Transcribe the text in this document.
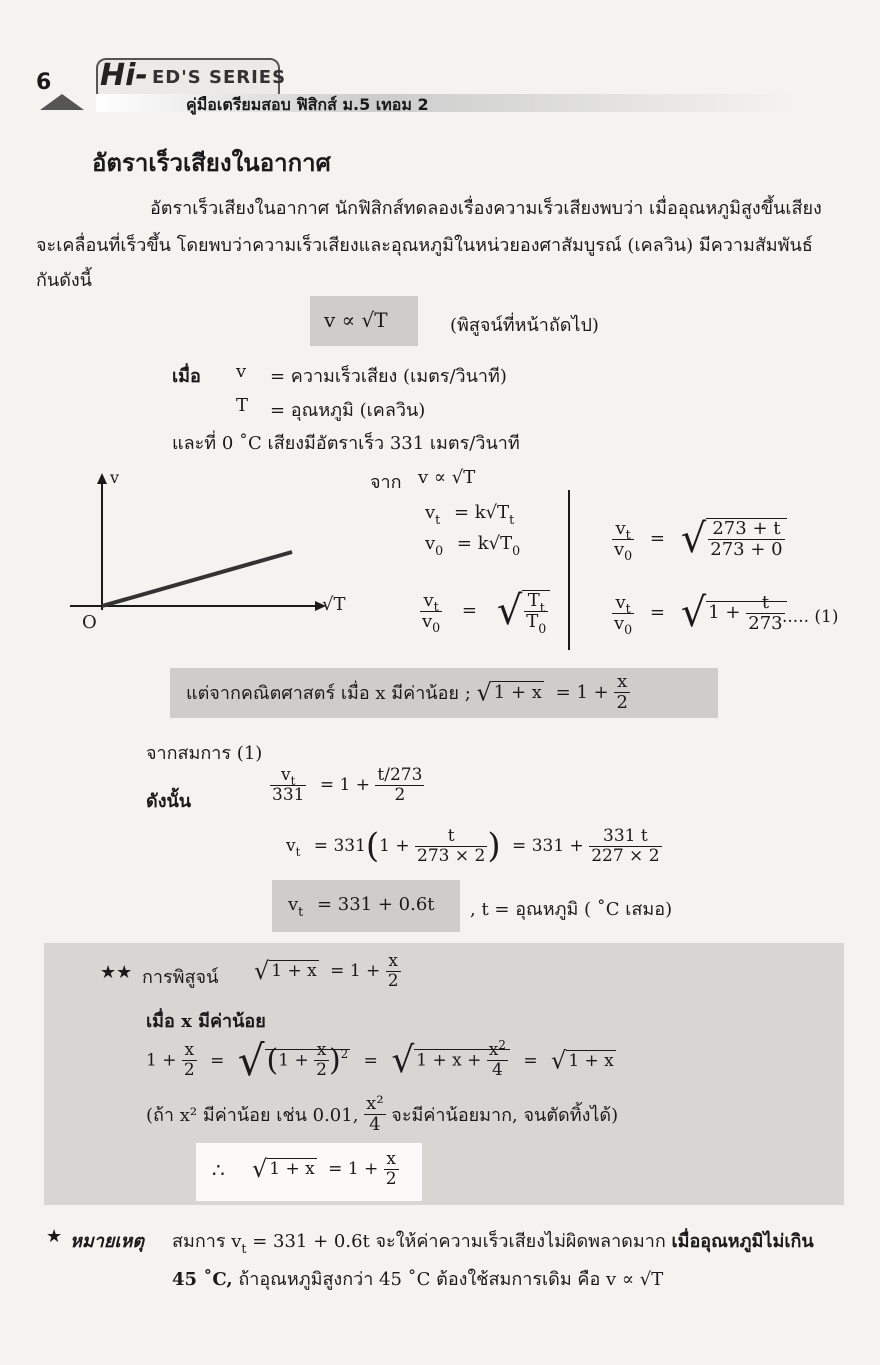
6 Hi- ED'S SERIES
คู่มือเตรียมสอบ ฟิสิกส์ ม.5 เทอม 2
อัตราเร็วเสียงในอากาศ
อัตราเร็วเสียงในอากาศ นักฟิสิกส์ทดลองเรื่องความเร็วเสียงพบว่า เมื่ออุณหภูมิสูงขึ้นเสียง
จะเคลื่อนที่เร็วขึ้น โดยพบว่าความเร็วเสียงและอุณหภูมิในหน่วยองศาสัมบูรณ์ (เคลวิน) มีความสัมพันธ์
กันดังนี้
v ∝ √T	(พิสูจน์ที่หน้าถัดไป)
เมื่อ v = ความเร็วเสียง (เมตร/วินาที)
T = อุณหภูมิ (เคลวิน)
และที่ 0 ˚C เสียงมีอัตราเร็ว 331 เมตร/วินาที
v
√T
O
จาก v ∝ √T
$v_t = k√T_t$
$v_0 = k√T_0$
$\frac{v_t}{v_0}$ = √ $\frac{T_t}{T_0}$
$\frac{v_t}{v_0}$ = √ $\frac{273 + t}{273 + 0}$
$\frac{v_t}{v_0}$ = √ $1 + \frac{t}{273}$
..... (1)
แต่จากคณิตศาสตร์ เมื่อ x มีค่าน้อย ; √ $1 + x = 1 + \frac{x}{2}$
จากสมการ (1)
ดังนั้น	$\frac{v_t}{331} = 1 + \frac{t/273}{2}$
$v_t = 331(1 + \frac{t}{273 \times 2}$ ) = $331 + \frac{331 t}{227 \times 2}$
$v_t = 331 + 0.6t$ , t = อุณหภูมิ ( ˚C เสมอ)
★★ การพิสูจน์ √ $1 + x = 1 + \frac{x}{2}$
เมื่อ x มีค่าน้อย
$1 + \frac{x}{2} = √(1 + \frac{x}{2} )^2$ = √ $1 + x + \frac{x^2}{4}$ = √ 1 + x
(ถ้า x² มีค่าน้อย เช่น 0.01, $\frac{\text{x²}}{4}$ จะมีค่าน้อยมาก, จนตัดทิ้งได้)
∴ √ $1 + x = 1 + \frac{x}{2}$
★ หมายเหตุ สมการ $v_t = 331 + 0.6t$ จะให้ค่าความเร็วเสียงไม่ผิดพลาดมาก เมื่ออุณหภูมิไม่เกิน
45 ˚C, ถ้าอุณหภูมิสูงกว่า 45 ˚C ต้องใช้สมการเดิม คือ v ∝ √T
